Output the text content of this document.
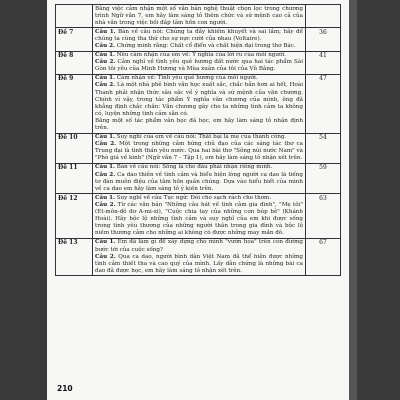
	Bằng việc cảm nhận một số văn bản nghệ thuật chọn lọc trong chương trình Ngữ văn 7, em hãy làm sáng tỏ thêm chức và sứ mệnh cao cả của nhà văn trong việc bồi đắp tâm hồn con người.	

Đề 7	Câu 1. Bàn về câu nói: Chúng ta đầy khiếm khuyết và sai lầm; hãy để chúng ta cùng tha thứ cho sự nực cười của nhau (Voltaire).

Câu 2. Chứng minh rằng: Chất cổ điển và chất hiện đại trong thơ Bác.	36
Đề 8	Câu 1. Nêu cảm nhận của em về: Ý nghĩa của lời ru của mỗi người.

Câu 2. Cảm nghĩ về tình yêu quê hương đất nước qua hai tác phẩm Sài Gòn tôi yêu của Minh Hương và Mùa xuân của tôi của Vũ Bằng.	41
Đề 9	Câu 1. Cảm nhận về: Tình yêu quê hương của mỗi người.

Câu 2. Là một nhà phê bình văn học xuất sắc, chắc hẳn hơn ai hết, Hoài Thanh phải nhận thức sâu sắc về ý nghĩa và sứ mệnh của văn chương. Chính vì vậy, trong tác phẩm Ý nghĩa văn chương của mình, ông đã khẳng định chắc chắn: Văn chương gây cho ta những tình cảm ta không có, luyện những tình cảm sẵn có.

Bằng một số tác phẩm văn học đã học, em hãy làm sáng tỏ nhận định trên.	47
Đề 10	Câu 1. Suy nghĩ của em về câu nói: Thất bại là mẹ của thành công.

Câu 2. Một trong những cảm hứng chủ đạo của các sáng tác thơ ca Trung đại là tình thần yêu nước. Qua hai bài thơ "Sông núi nước Nam" và "Phò giá về kinh" (Ngữ văn 7 – Tập 1), em hãy làm sáng tỏ nhận xét trên.	54
Đề 11	Câu 1. Bàn về câu nói: Sống là cho đâu phải nhận riêng mình.

Câu 2. Ca dao thiên về tình cảm và biểu hiện lòng người ca dao là tiếng tơ đàn muôn điệu của tâm hồn quần chúng. Dựa vào hiểu biết của mình về ca dao em hãy làm sáng tỏ ý kiến trên.	59
Đề 12	Câu 1. Suy nghĩ về câu Tục ngữ: Đói cho sạch rách cho thơm.

Câu 2. Từ các văn bản "Những câu hát về tình cảm gia đình", "Mẹ tôi" (Et-môn-đô đơ A-mi-xi), "Cuộc chia tay của những con búp bê" (Khánh Hoài). Hãy bộc lộ những tình cảm và suy nghĩ của em khi được sống trong tình yêu thương của những người thân trong gia đình và bộc lộ niềm thương cảm cho những ai không có được những may mắn đó.	63
Đề 13	Câu 1. Em đã làm gì để xây dựng cho mình "vườn hoa" trên con đường bước tới của cuộc sống?

Câu 2. Qua ca dao, người bình dân Việt Nam đã thể hiện được những tình cảm thiết tha và cao quý của mình. Lấy dẫn chứng là những bài ca dao đã được học, em hãy làm sáng tỏ nhận xét trên.	67
210
